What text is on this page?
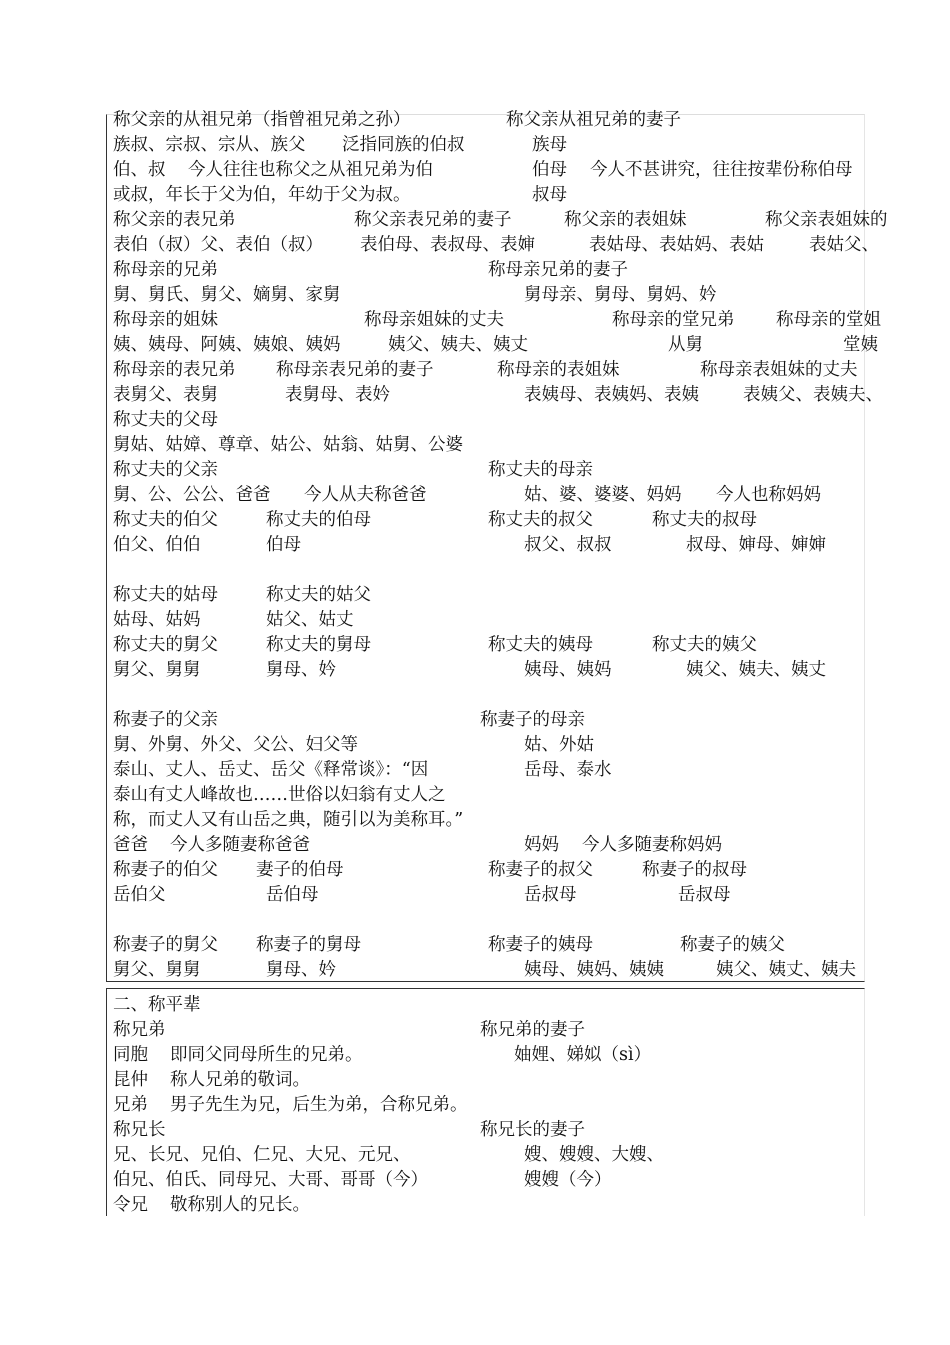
称父亲的从祖兄弟（指曾祖兄弟之孙）	称父亲从祖兄弟的妻子
族叔、宗叔、宗从、族父 泛指同族的伯叔	族母
伯、叔 今人往往也称父之从祖兄弟为伯	伯母 今人不甚讲究，往往按辈份称伯母
或叔，年长于父为伯，年幼于父为叔。	叔母
称父亲的表兄弟	称父亲表兄弟的妻子	称父亲的表姐妹	称父亲表姐妹的
表伯（叔）父、表伯（叔） 表伯母、表叔母、表婶	表姑母、表姑妈、表姑	表姑父、
称母亲的兄弟	称母亲兄弟的妻子
舅、舅氏、舅父、嫡舅、家舅	舅母亲、舅母、舅妈、妗
称母亲的姐妹	称母亲姐妹的丈夫	称母亲的堂兄弟 称母亲的堂姐
姨、姨母、阿姨、姨娘、姨妈	姨父、姨夫、姨丈	从舅	堂姨
称母亲的表兄弟 称母亲表兄弟的妻子	称母亲的表姐妹	称母亲表姐妹的丈夫
表舅父、表舅	表舅母、表妗	表姨母、表姨妈、表姨	表姨父、表姨夫、
称丈夫的父母
舅姑、姑嫜、尊章、姑公、姑翁、姑舅、公婆
称丈夫的父亲	称丈夫的母亲
舅、公、公公、爸爸 今人从夫称爸爸	姑、婆、婆婆、妈妈 今人也称妈妈
称丈夫的伯父	称丈夫的伯母	称丈夫的叔父	称丈夫的叔母
伯父、伯伯	伯母	叔父、叔叔	叔母、婶母、婶婶
称丈夫的姑母	称丈夫的姑父
姑母、姑妈	姑父、姑丈
称丈夫的舅父	称丈夫的舅母	称丈夫的姨母	称丈夫的姨父
舅父、舅舅	舅母、妗	姨母、姨妈	姨父、姨夫、姨丈
称妻子的父亲	称妻子的母亲
舅、外舅、外父、父公、妇父等	姑、外姑
泰山、丈人、岳丈、岳父《释常谈》：“因	岳母、泰水
泰山有丈人峰故也……世俗以妇翁有丈人之
称，而丈人又有山岳之典，随引以为美称耳。”
爸爸 今人多随妻称爸爸	妈妈 今人多随妻称妈妈
称妻子的伯父 妻子的伯母	称妻子的叔父	称妻子的叔母
岳伯父	岳伯母	岳叔母	岳叔母
称妻子的舅父 称妻子的舅母	称妻子的姨母	称妻子的姨父
舅父、舅舅	舅母、妗	姨母、姨妈、姨姨	姨父、姨丈、姨夫
二、称平辈
称兄弟	称兄弟的妻子
同胞 即同父同母所生的兄弟。	妯娌、娣姒（sì）
昆仲 称人兄弟的敬词。
兄弟 男子先生为兄，后生为弟，合称兄弟。
称兄长	称兄长的妻子
兄、长兄、兄伯、仁兄、大兄、元兄、	嫂、嫂嫂、大嫂、
伯兄、伯氏、同母兄、大哥、哥哥（今）	嫂嫂（今）
令兄 敬称别人的兄长。
